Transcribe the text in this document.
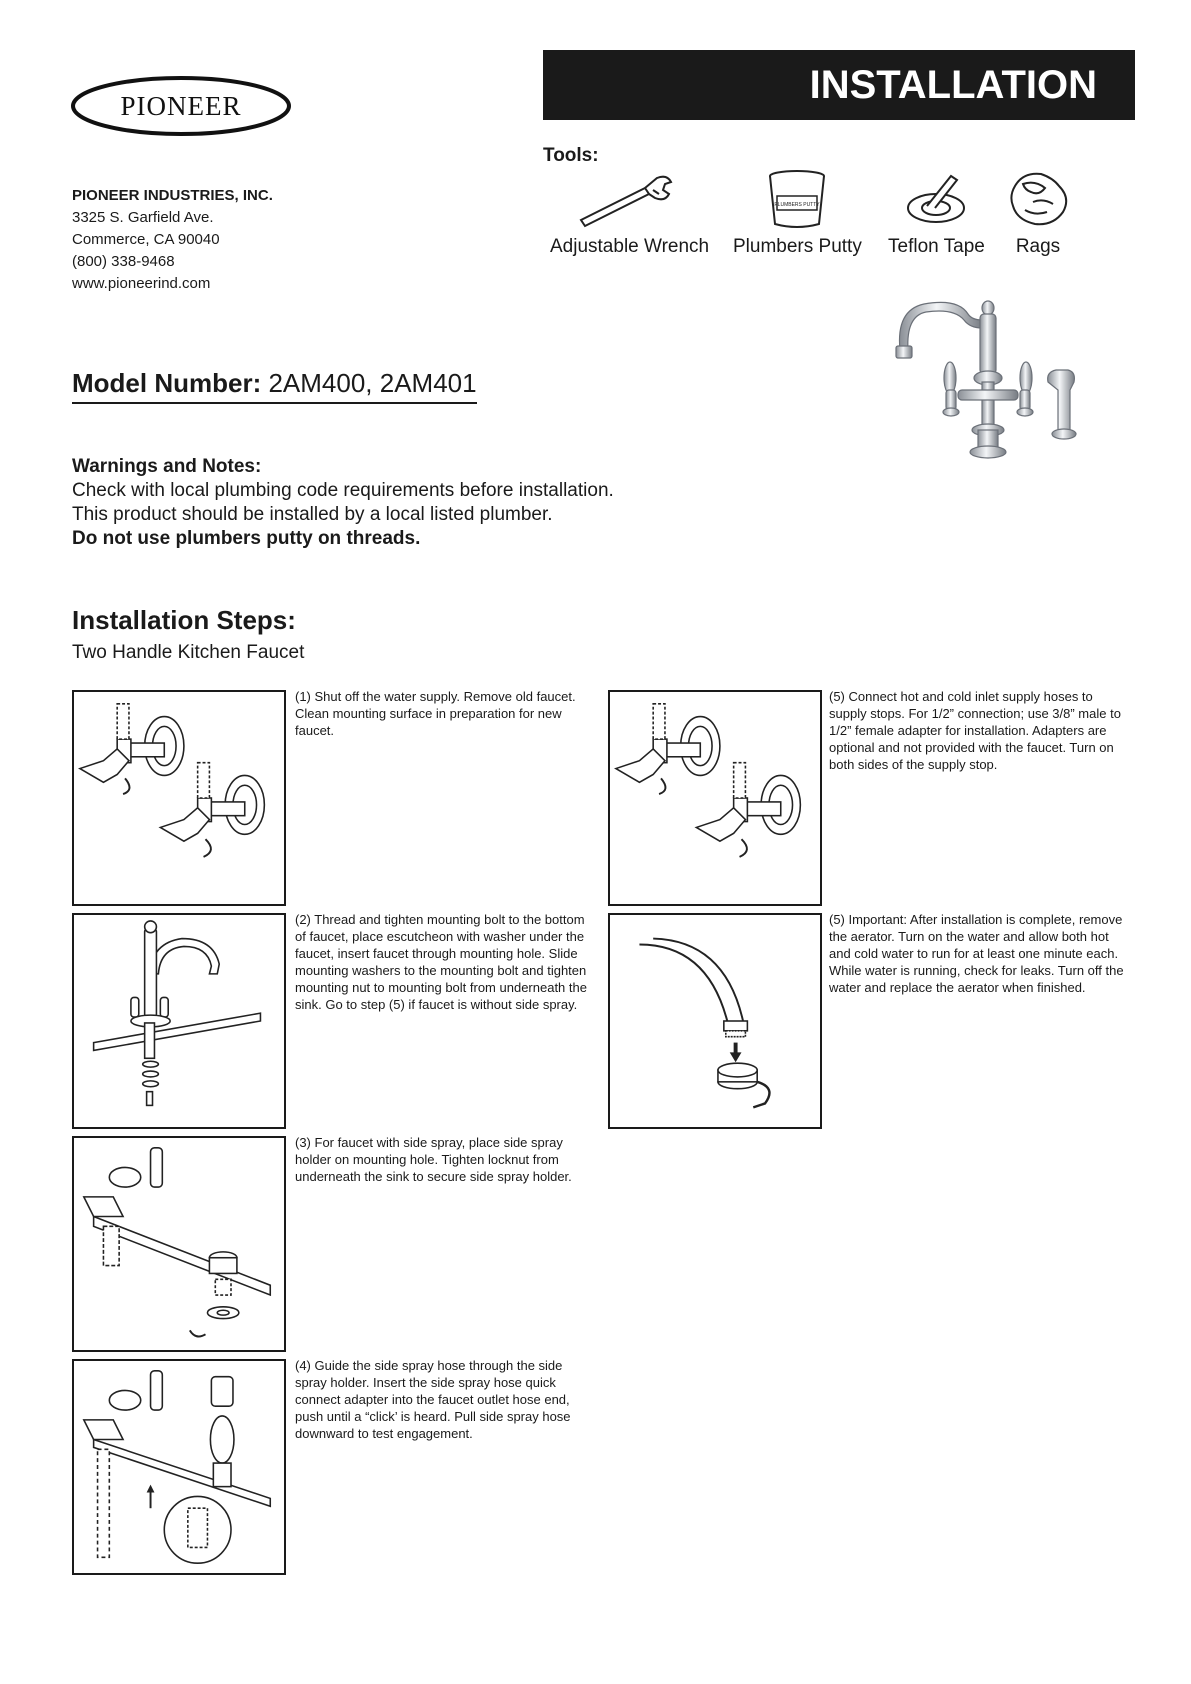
PIONEER	INSTALLATION
PIONEER INDUSTRIES, INC.
3325 S. Garfield Ave.
Commerce, CA 90040
(800) 338-9468
www.pioneerind.com
Tools:
Adjustable Wrench
PLUMBERS PUTTY
Plumbers Putty Teflon Tape	Rags
Model Number: 2AM400, 2AM401
Warnings and Notes:
Check with local plumbing code requirements before installation.
This product should be installed by a local listed plumber.
Do not use plumbers putty on threads.
Installation Steps:
Two Handle Kitchen Faucet
(1) Shut off the water supply. Remove old faucet. Clean mounting surface in preparation for new faucet.
(2) Thread and tighten mounting bolt to the bottom of faucet, place escutcheon with washer under the faucet, insert faucet through mounting hole. Slide mounting washers to the mounting bolt and tighten mounting nut to mounting bolt from underneath the sink. Go to step (5) if faucet is without side spray.
(3) For faucet with side spray, place side spray holder on mounting hole. Tighten locknut from underneath the sink to secure side spray holder.
(4) Guide the side spray hose through the side spray holder. Insert the side spray hose quick connect adapter into the faucet outlet hose end, push until a “click’ is heard. Pull side spray hose downward to test engagement.
(5) Connect hot and cold inlet supply hoses to supply stops. For 1/2” connection; use 3/8” male to 1/2” female adapter for installation. Adapters are optional and not provided with the faucet. Turn on both sides of the supply stop.
(5) Important: After installation is complete, remove the aerator. Turn on the water and allow both hot and cold water to run for at least one minute each. While water is running, check for leaks. Turn off the water and replace the aerator when finished.
